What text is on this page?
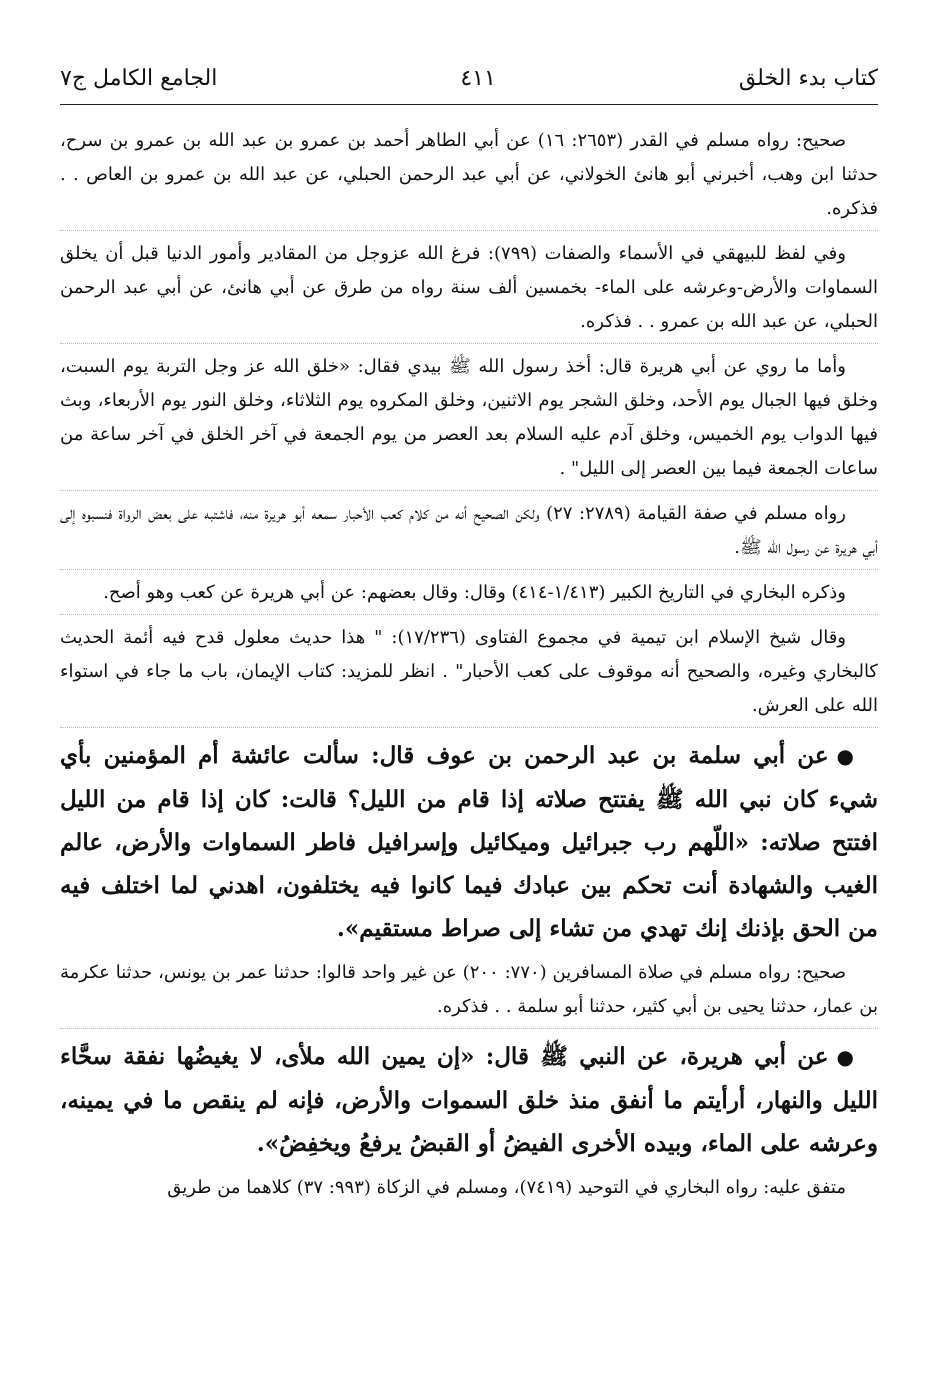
كتاب بدء الخلق
٤١١
الجامع الكامل ج٧

صحيح: رواه مسلم في القدر (٢٦٥٣: ١٦) عن أبي الطاهر أحمد بن عمرو بن عبد الله بن عمرو بن سرح، حدثنا ابن وهب، أخبرني أبو هانئ الخولاني، عن أبي عبد الرحمن الحبلي، عن عبد الله بن عمرو بن العاص . . فذكره.

وفي لفظ للبيهقي في الأسماء والصفات (٧٩٩): فرغ الله عزوجل من المقادير وأمور الدنيا قبل أن يخلق السماوات والأرض-وعرشه على الماء- بخمسين ألف سنة رواه من طرق عن أبي هانئ، عن أبي عبد الرحمن الحبلي، عن عبد الله بن عمرو . . فذكره.

وأما ما روي عن أبي هريرة قال: أخذ رسول الله ﷺ بيدي فقال: «خلق الله عز وجل التربة يوم السبت، وخلق فيها الجبال يوم الأحد، وخلق الشجر يوم الاثنين، وخلق المكروه يوم الثلاثاء، وخلق النور يوم الأربعاء، وبث فيها الدواب يوم الخميس، وخلق آدم عليه السلام بعد العصر من يوم الجمعة في آخر الخلق في آخر ساعة من ساعات الجمعة فيما بين العصر إلى الليل" .

رواه مسلم في صفة القيامة (٢٧٨٩: ٢٧) ولكن الصحيح أنه من كلام كعب الأحبار سمعه أبو هريرة منه، فاشتبه على بعض الرواة فنسبوه إلى أبي هريرة عن رسول الله ﷺ.

وذكره البخاري في التاريخ الكبير (١/٤١٣-٤١٤) وقال: وقال بعضهم: عن أبي هريرة عن كعب وهو أصح.

وقال شيخ الإسلام ابن تيمية في مجموع الفتاوى (١٧/٢٣٦): " هذا حديث معلول قدح فيه أئمة الحديث كالبخاري وغيره، والصحيح أنه موقوف على كعب الأحبار" . انظر للمزيد: كتاب الإيمان، باب ما جاء في استواء الله على العرش.

●عن أبي سلمة بن عبد الرحمن بن عوف قال: سألت عائشة أم المؤمنين بأي شيء كان نبي الله ﷺ يفتتح صلاته إذا قام من الليل؟ قالت: كان إذا قام من الليل افتتح صلاته: «اللّهم رب جبرائيل وميكائيل وإسرافيل فاطر السماوات والأرض، عالم الغيب والشهادة أنت تحكم بين عبادك فيما كانوا فيه يختلفون، اهدني لما اختلف فيه من الحق بإذنك إنك تهدي من تشاء إلى صراط مستقيم».

صحيح: رواه مسلم في صلاة المسافرين (٧٧٠: ٢٠٠) عن غير واحد قالوا: حدثنا عمر بن يونس، حدثنا عكرمة بن عمار، حدثنا يحيى بن أبي كثير، حدثنا أبو سلمة . . فذكره.

●عن أبي هريرة، عن النبي ﷺ قال: «إن يمين الله ملأى، لا يغيضُها نفقة سحَّاء الليل والنهار، أرأيتم ما أنفق منذ خلق السموات والأرض، فإنه لم ينقص ما في يمينه، وعرشه على الماء، وبيده الأخرى الفيضُ أو القبضُ يرفعُ ويخفِضُ».

متفق عليه: رواه البخاري في التوحيد (٧٤١٩)، ومسلم في الزكاة (٩٩٣: ٣٧) كلاهما من طريق
